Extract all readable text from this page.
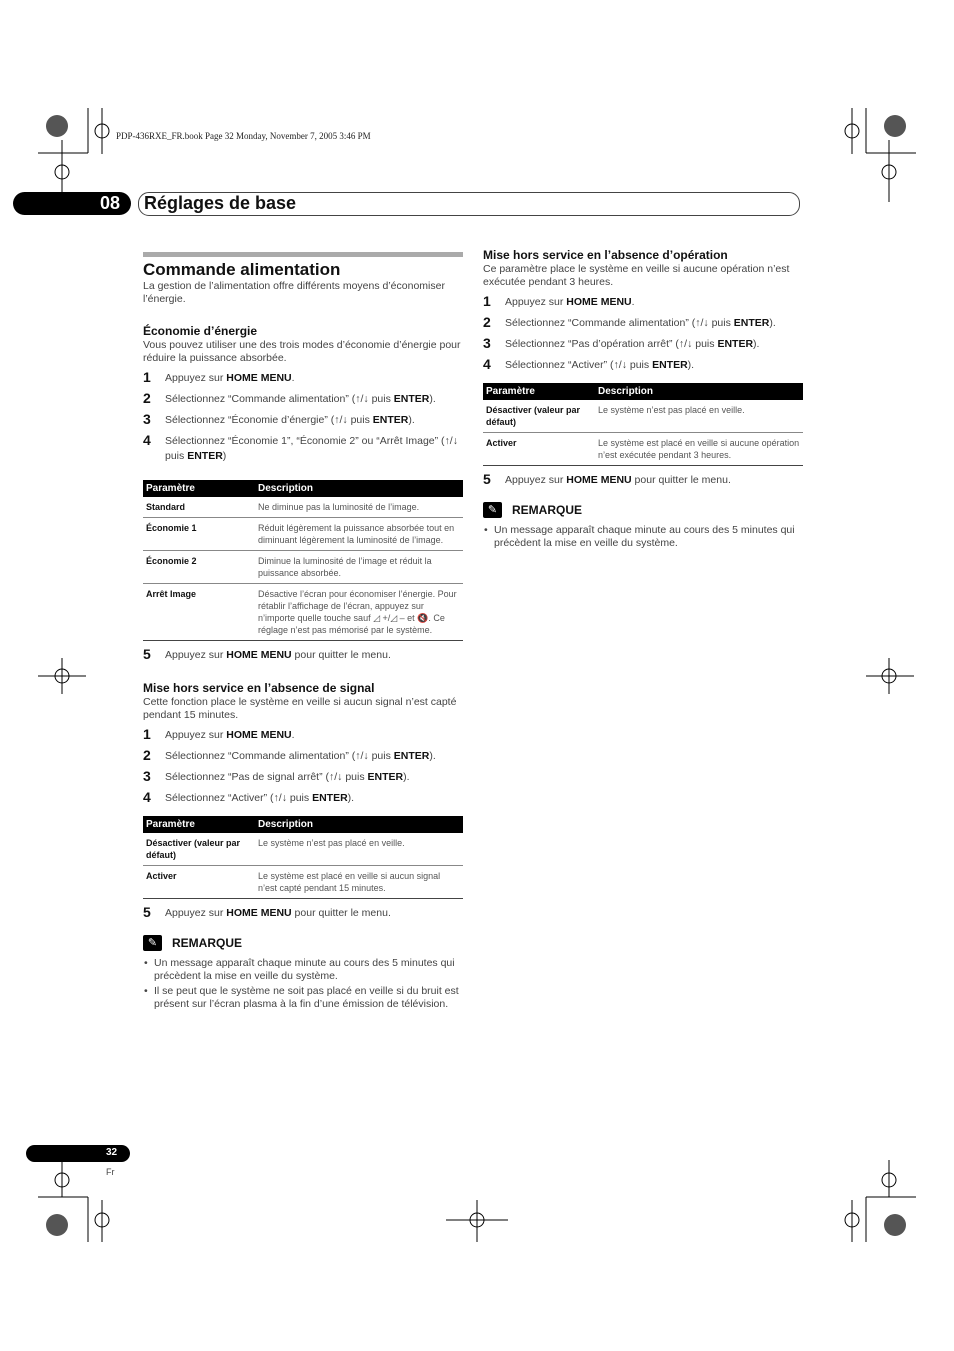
PDP-436RXE_FR.book Page 32 Monday, November 7, 2005 3:46 PM
08 Réglages de base
Commande alimentation

La gestion de l’alimentation offre différents moyens d’économiser l’énergie.

Économie d’énergie

Vous pouvez utiliser une des trois modes d’économie d’énergie pour réduire la puissance absorbée.

1 Appuyez sur HOME MENU.
2 Sélectionnez “Commande alimentation” (↑/↓ puis ENTER).
3 Sélectionnez “Économie d’énergie” (↑/↓ puis ENTER).
4 Sélectionnez “Économie 1”, “Économie 2” ou “Arrêt Image” (↑/↓ puis ENTER)
Paramètre	Description
Standard	Ne diminue pas la luminosité de l’image.
Économie 1	Réduit légèrement la puissance absorbée tout en diminuant légèrement la luminosité de l’image.
Économie 2	Diminue la luminosité de l’image et réduit la puissance absorbée.
Arrêt Image	Désactive l’écran pour économiser l’énergie. Pour rétablir l’affichage de l’écran, appuyez sur n’importe quelle touche sauf ◿ +/◿ – et 🔇. Ce réglage n’est pas mémorisé par le système.
5 Appuyez sur HOME MENU pour quitter le menu.
Mise hors service en l’absence de signal

Cette fonction place le système en veille si aucun signal n’est capté pendant 15 minutes.

1 Appuyez sur HOME MENU.
2 Sélectionnez “Commande alimentation” (↑/↓ puis ENTER).
3 Sélectionnez “Pas de signal arrêt” (↑/↓ puis ENTER).
4 Sélectionnez “Activer” (↑/↓ puis ENTER).
Paramètre	Description
Désactiver (valeur par défaut)	Le système n’est pas placé en veille.
Activer	Le système est placé en veille si aucun signal n’est capté pendant 15 minutes.
5 Appuyez sur HOME MENU pour quitter le menu.
✎	REMARQUE
• Un message apparaît chaque minute au cours des 5 minutes qui précèdent la mise en veille du système.
• Il se peut que le système ne soit pas placé en veille si du bruit est présent sur l’écran plasma à la fin d’une émission de télévision.
Mise hors service en l’absence d’opération

Ce paramètre place le système en veille si aucune opération n’est exécutée pendant 3 heures.

1 Appuyez sur HOME MENU.
2 Sélectionnez “Commande alimentation” (↑/↓ puis ENTER).
3 Sélectionnez “Pas d’opération arrêt” (↑/↓ puis ENTER).
4 Sélectionnez “Activer” (↑/↓ puis ENTER).
Paramètre	Description
Désactiver (valeur par défaut)	Le système n’est pas placé en veille.
Activer	Le système est placé en veille si aucune opération n’est exécutée pendant 3 heures.
5 Appuyez sur HOME MENU pour quitter le menu.
✎	REMARQUE
• Un message apparaît chaque minute au cours des 5 minutes qui précèdent la mise en veille du système.
32
Fr
